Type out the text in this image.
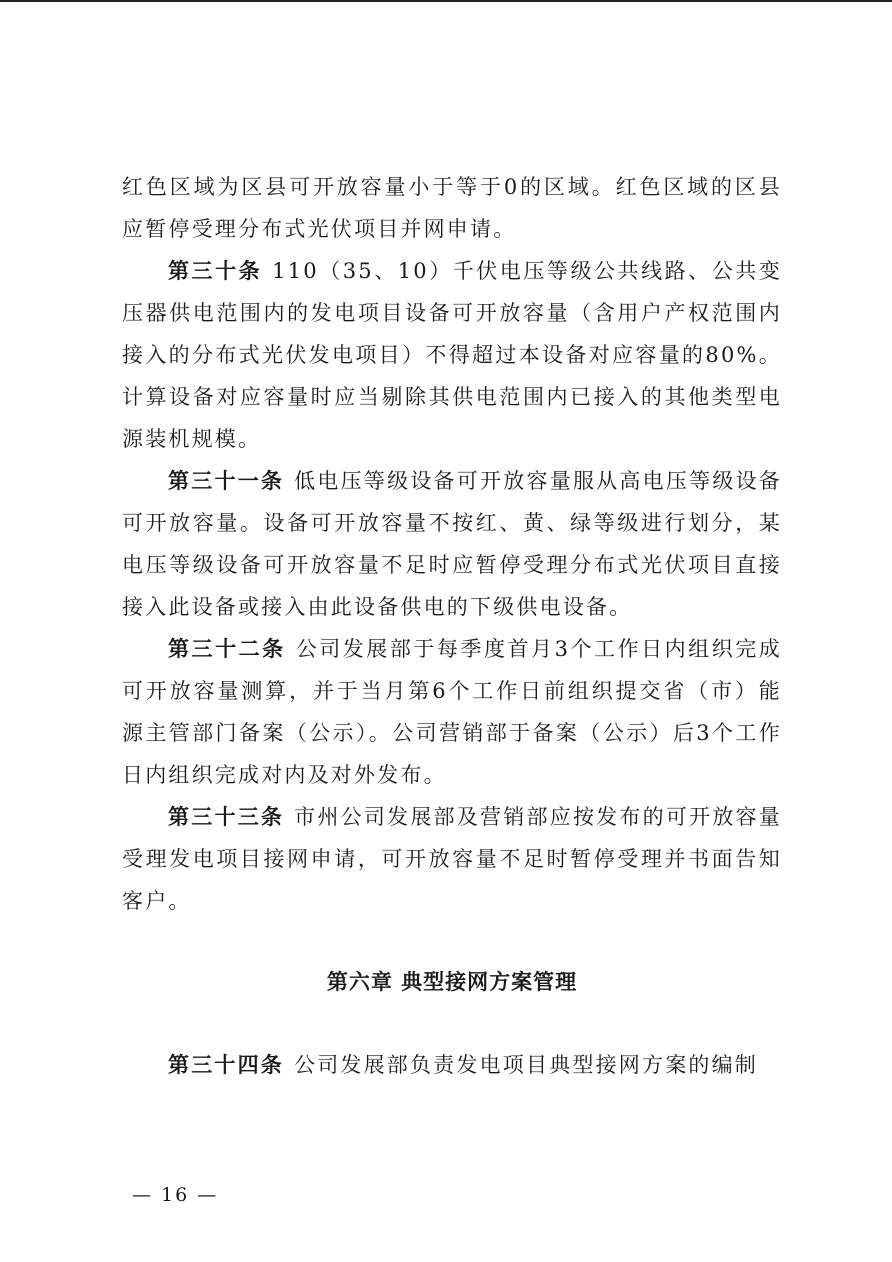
红色区域为区县可开放容量小于等于0的区域。红色区域的区县应暂停受理分布式光伏项目并网申请。

第三十条 110（35、10）千伏电压等级公共线路、公共变压器供电范围内的发电项目设备可开放容量（含用户产权范围内接入的分布式光伏发电项目）不得超过本设备对应容量的80%。计算设备对应容量时应当剔除其供电范围内已接入的其他类型电源装机规模。

第三十一条 低电压等级设备可开放容量服从高电压等级设备可开放容量。设备可开放容量不按红、黄、绿等级进行划分，某电压等级设备可开放容量不足时应暂停受理分布式光伏项目直接接入此设备或接入由此设备供电的下级供电设备。

第三十二条 公司发展部于每季度首月3个工作日内组织完成可开放容量测算，并于当月第6个工作日前组织提交省（市）能源主管部门备案（公示）。公司营销部于备案（公示）后3个工作日内组织完成对内及对外发布。

第三十三条 市州公司发展部及营销部应按发布的可开放容量受理发电项目接网申请，可开放容量不足时暂停受理并书面告知客户。

第六章 典型接网方案管理

第三十四条 公司发展部负责发电项目典型接网方案的编制

— 16 —
